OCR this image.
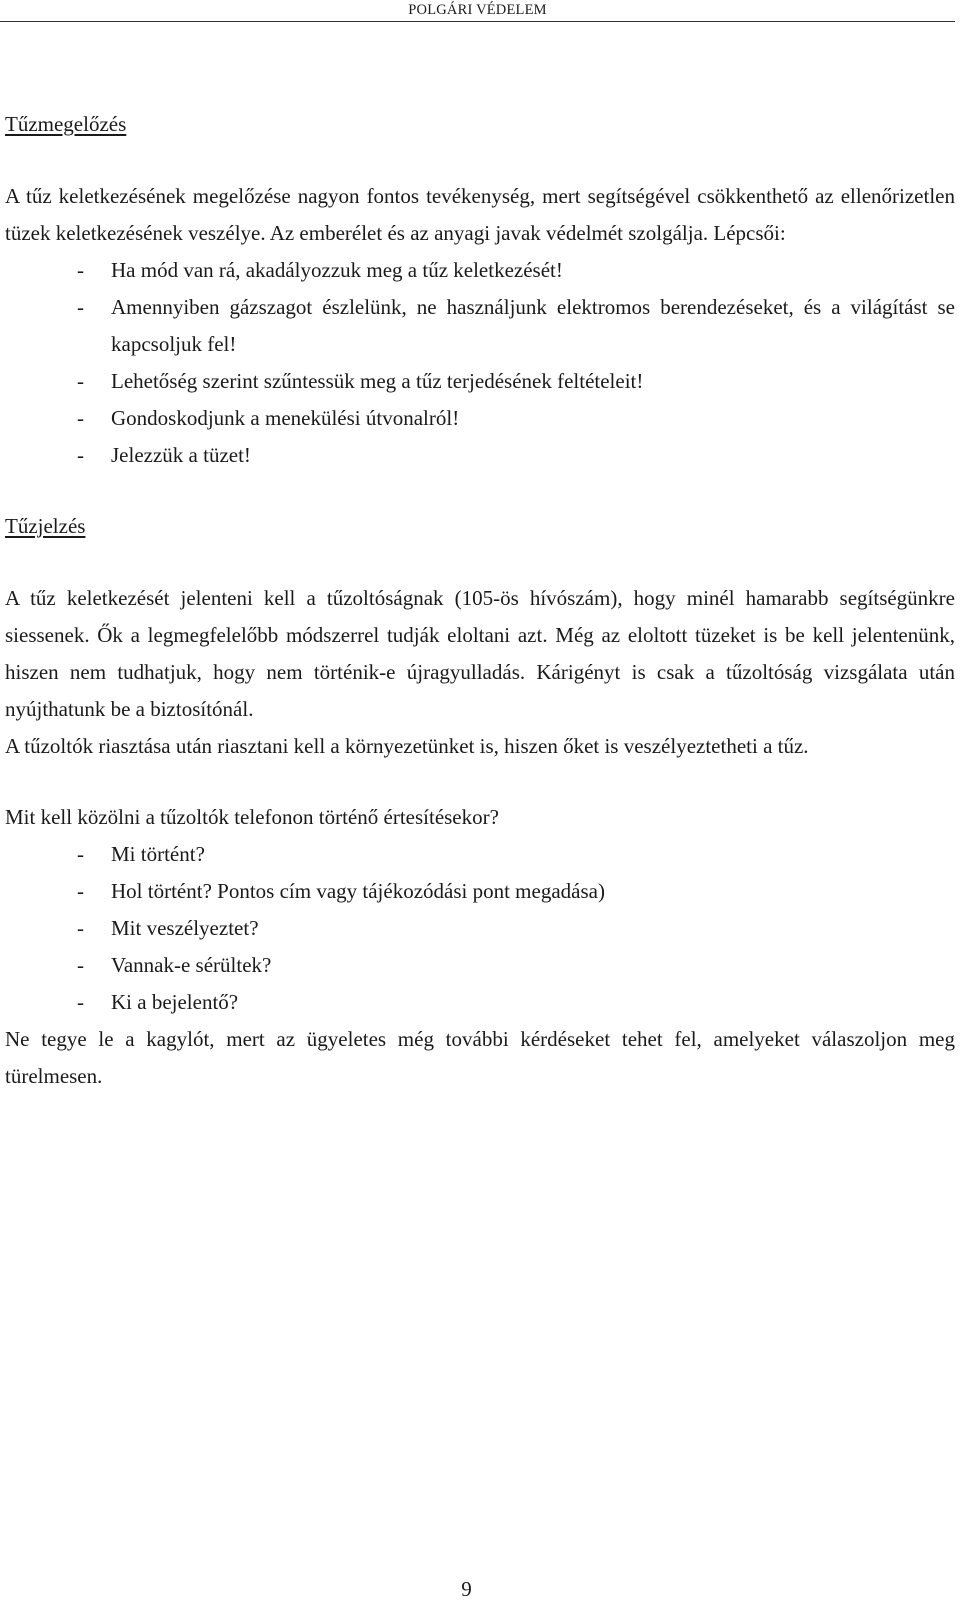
POLGÁRI VÉDELEM
Tűzmegelőzés

A tűz keletkezésének megelőzése nagyon fontos tevékenység, mert segítségével csökkenthető az ellenőrizetlen tüzek keletkezésének veszélye. Az emberélet és az anyagi javak védelmét szolgálja. Lépcsői:

- Ha mód van rá, akadályozzuk meg a tűz keletkezését!
- Amennyiben gázszagot észlelünk, ne használjunk elektromos berendezéseket, és a világítást se kapcsoljuk fel!
- Lehetőség szerint szűntessük meg a tűz terjedésének feltételeit!
- Gondoskodjunk a menekülési útvonalról!
- Jelezzük a tüzet!
Tűzjelzés

A tűz keletkezését jelenteni kell a tűzoltóságnak (105-ös hívószám), hogy minél hamarabb segítségünkre siessenek. Ők a legmegfelelőbb módszerrel tudják eloltani azt. Még az eloltott tüzeket is be kell jelentenünk, hiszen nem tudhatjuk, hogy nem történik-e újragyulladás. Kárigényt is csak a tűzoltóság vizsgálata után nyújthatunk be a biztosítónál.

A tűzoltók riasztása után riasztani kell a környezetünket is, hiszen őket is veszélyeztetheti a tűz.

Mit kell közölni a tűzoltók telefonon történő értesítésekor?

- Mi történt?
- Hol történt? Pontos cím vagy tájékozódási pont megadása)
- Mit veszélyeztet?
- Vannak-e sérültek?
- Ki a bejelentő?

Ne tegye le a kagylót, mert az ügyeletes még további kérdéseket tehet fel, amelyeket válaszoljon meg türelmesen.

9
